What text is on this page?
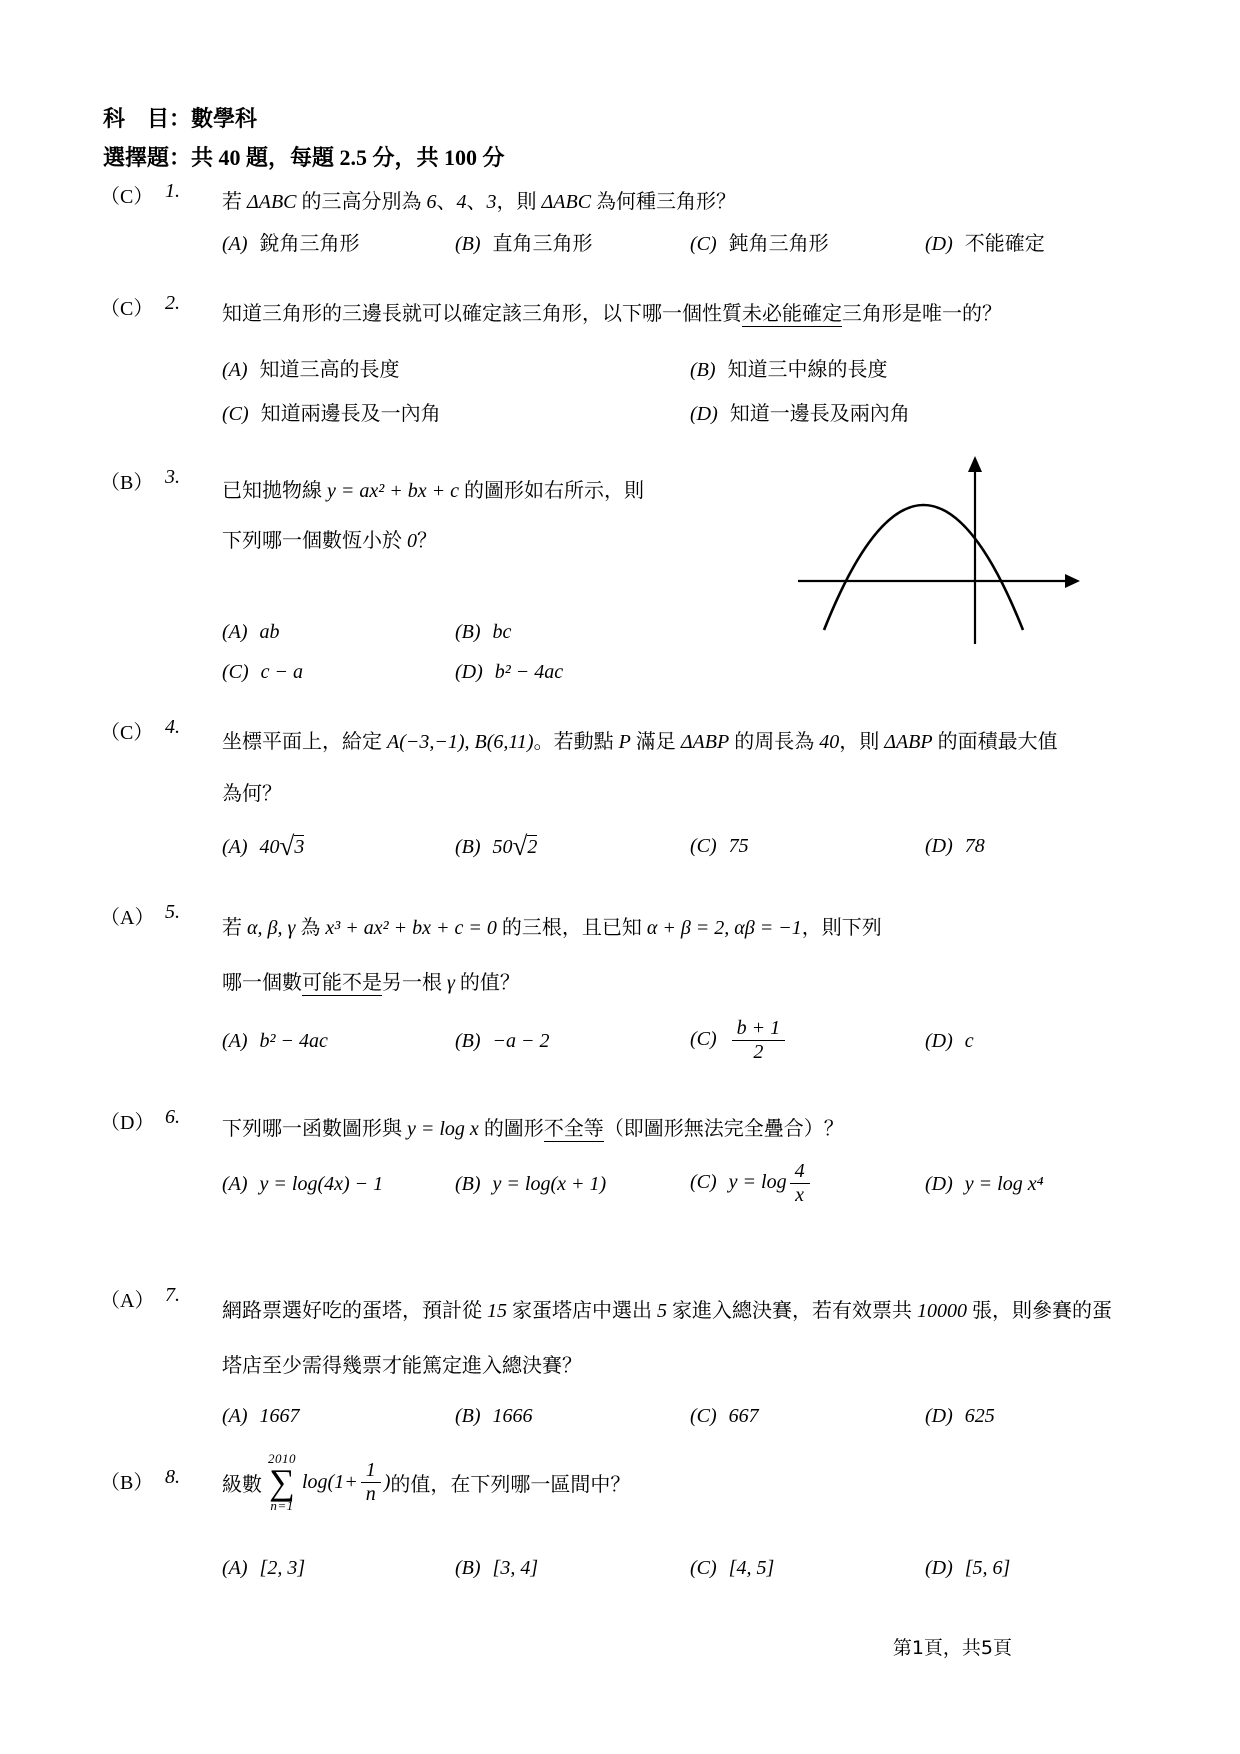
科　目：數學科
選擇題：共 40 題，每題 2.5 分，共 100 分
（C） 1.	若 ΔABC 的三高分別為 6、4、3，則 ΔABC 為何種三角形？
(A) 銳角三角形	(B) 直角三角形	(C) 鈍角三角形	(D) 不能確定
（C） 2.	知道三角形的三邊長就可以確定該三角形，以下哪一個性質未必能確定三角形是唯一的？
(A) 知道三高的長度	(B) 知道三中線的長度
(C) 知道兩邊長及一內角	(D) 知道一邊長及兩內角
（B） 3.
已知拋物線 y = ax² + bx + c 的圖形如右所示，則
下列哪一個數恆小於 0？
(A) ab	(B) bc
(C) c − a	(D) b² − 4ac
（C） 4.
坐標平面上，給定 A(−3,−1), B(6,11)。若動點 P 滿足 ΔABP 的周長為 40，則 ΔABP 的面積最大值
為何？
(A) 40√3	(B) 50√2	(C) 75	(D) 78
（A） 5.
若 α, β, γ 為 x³ + ax² + bx + c = 0 的三根，且已知 α + β = 2, αβ = −1，則下列
哪一個數可能不是另一根 γ 的值？
(A) b² − 4ac	(B) −a − 2	$(C) \frac{b + 1}{2}$	(D) c
（D） 6.
下列哪一函數圖形與 y = log x 的圖形不全等（即圖形無法完全疊合）？
(A) y = log(4x) − 1	(B) y = log(x + 1)	(C) $y = \log \frac{4}{x}$	(D) y = log x⁴
（A） 7.
網路票選好吃的蛋塔，預計從 15 家蛋塔店中選出 5 家進入總決賽，若有效票共 10000 張，則參賽的蛋
塔店至少需得幾票才能篤定進入總決賽？
(A) 1667	(B) 1666	(C) 667	(D) 625
（B） 8.	級數
2010
∑
n=1
$\log(1+ \frac{1}{n}$ ) 的值，在下列哪一區間中？
(A) [2, 3]	(B) [3, 4]	(C) [4, 5]	(D) [5, 6]
第1頁，共5頁
